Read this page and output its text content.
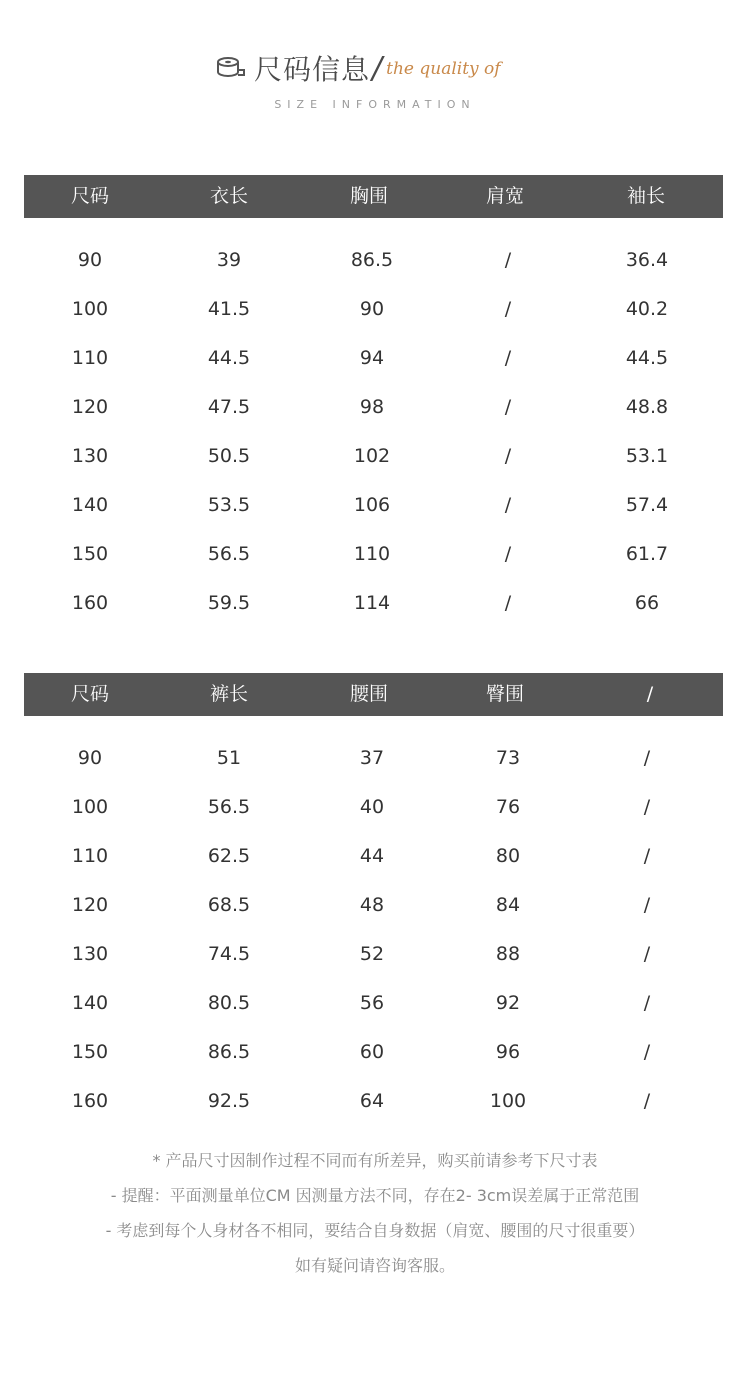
尺码信息 / the quality of
SIZE INFORMATION
尺码	衣长	胸围	肩宽	袖长
90	39	86.5	/	36.4
100	41.5	90	/	40.2
110	44.5	94	/	44.5
120	47.5	98	/	48.8
130	50.5	102	/	53.1
140	53.5	106	/	57.4
150	56.5	110	/	61.7
160	59.5	114	/	66
尺码	裤长	腰围	臀围	/
90	51	37	73	/
100	56.5	40	76	/
110	62.5	44	80	/
120	68.5	48	84	/
130	74.5	52	88	/
140	80.5	56	92	/
150	86.5	60	96	/
160	92.5	64	100	/
* 产品尺寸因制作过程不同而有所差异，购买前请参考下尺寸表
- 提醒：平面测量单位CM 因测量方法不同，存在2- 3cm误差属于正常范围
- 考虑到每个人身材各不相同，要结合自身数据（肩宽、腰围的尺寸很重要）
如有疑问请咨询客服。
